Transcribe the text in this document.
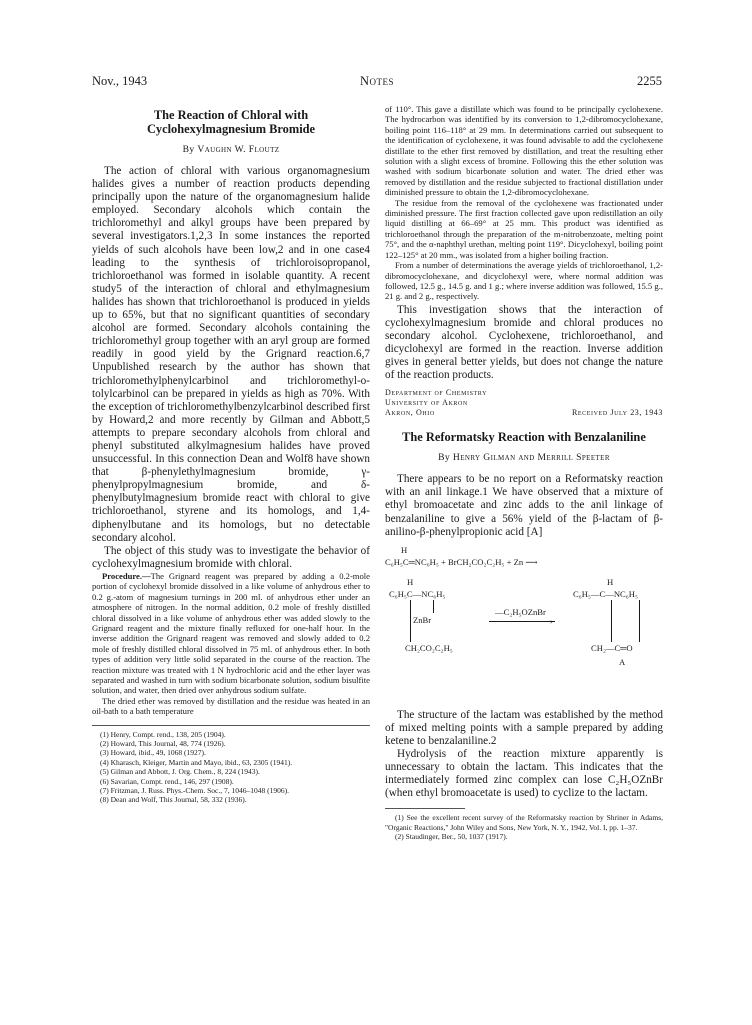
Nov., 1943	Notes	2255
The Reaction of Chloral with
Cyclohexylmagnesium Bromide
By Vaughn W. Floutz

The action of chloral with various organomagnesium halides gives a number of reaction products depending principally upon the nature of the organomagnesium halide employed. Secondary alcohols which contain the trichloromethyl and alkyl groups have been prepared by several investigators.1,2,3 In some instances the reported yields of such alcohols have been low,2 and in one case4 leading to the synthesis of trichloroisopropanol, trichloroethanol was formed in isolable quantity. A recent study5 of the interaction of chloral and ethylmagnesium halides has shown that trichloroethanol is produced in yields up to 65%, but that no significant quantities of secondary alcohol are formed. Secondary alcohols containing the trichloromethyl group together with an aryl group are formed readily in good yield by the Grignard reaction.6,7 Unpublished research by the author has shown that trichloromethylphenylcarbinol and trichloromethyl-o-tolylcarbinol can be prepared in yields as high as 70%. With the exception of trichloromethylbenzylcarbinol described first by Howard,2 and more recently by Gilman and Abbott,5 attempts to prepare secondary alcohols from chloral and phenyl substituted alkylmagnesium halides have proved unsuccessful. In this connection Dean and Wolf8 have shown that β-phenylethylmagnesium bromide, γ-phenylpropylmagnesium bromide, and δ-phenylbutylmagnesium bromide react with chloral to give trichloroethanol, styrene and its homologs, and 1,4-diphenylbutane and its homologs, but no detectable secondary alcohol.

The object of this study was to investigate the behavior of cyclohexylmagnesium bromide with chloral.

Procedure.—The Grignard reagent was prepared by adding a 0.2-mole portion of cyclohexyl bromide dissolved in a like volume of anhydrous ether to 0.2 g.-atom of magnesium turnings in 200 ml. of anhydrous ether under an atmosphere of nitrogen. In the normal addition, 0.2 mole of freshly distilled chloral dissolved in a like volume of anhydrous ether was added slowly to the Grignard reagent and the mixture finally refluxed for one-half hour. In the inverse addition the Grignard reagent was removed and slowly added to 0.2 mole of freshly distilled chloral dissolved in 75 ml. of anhydrous ether. In both types of addition very little solid separated in the course of the reaction. The reaction mixture was treated with 1 N hydrochloric acid and the ether layer was separated and washed in turn with sodium bicarbonate solution, sodium bisulfite solution, and water, then dried over anhydrous sodium sulfate.

The dried ether was removed by distillation and the residue was heated in an oil-bath to a bath temperature

(1) Henry, Compt. rend., 138, 205 (1904).

(2) Howard, This Journal, 48, 774 (1926).

(3) Howard, ibid., 49, 1068 (1927).

(4) Kharasch, Kleiger, Martin and Mayo, ibid., 63, 2305 (1941).

(5) Gilman and Abbott, J. Org. Chem., 8, 224 (1943).

(6) Savarian, Compt. rend., 146, 297 (1908).

(7) Fritzman, J. Russ. Phys.-Chem. Soc., 7, 1046–1048 (1906).

(8) Dean and Wolf, This Journal, 58, 332 (1936).

of 110°. This gave a distillate which was found to be principally cyclohexene. The hydrocarbon was identified by its conversion to 1,2-dibromocyclohexane, boiling point 116–118° at 29 mm. In determinations carried out subsequent to the identification of cyclohexene, it was found advisable to add the cyclohexene distillate to the ether first removed by distillation, and treat the resulting ether solution with a slight excess of bromine. Following this the ether solution was washed with sodium bicarbonate solution and water. The dried ether was removed by distillation and the residue subjected to fractional distillation under diminished pressure to obtain the 1,2-dibromocyclohexane.

The residue from the removal of the cyclohexene was fractionated under diminished pressure. The first fraction collected gave upon redistillation an oily liquid distilling at 66–69° at 25 mm. This product was identified as trichloroethanol through the preparation of the m-nitrobenzoate, melting point 75°, and the α-naphthyl urethan, melting point 119°. Dicyclohexyl, boiling point 122–125° at 20 mm., was isolated from a higher boiling fraction.

From a number of determinations the average yields of trichloroethanol, 1,2-dibromocyclohexane, and dicyclohexyl were, where normal addition was followed, 12.5 g., 14.5 g. and 1 g.; where inverse addition was followed, 15.5 g., 21 g. and 2 g., respectively.

This investigation shows that the interaction of cyclohexylmagnesium bromide and chloral produces no secondary alcohol. Cyclohexene, trichloroethanol, and dicyclohexyl are formed in the reaction. Inverse addition gives in general better yields, but does not change the nature of the reaction products.

Department of Chemistry
University of Akron
Akron, Ohio	Received July 23, 1943
The Reformatsky Reaction with Benzalaniline
By Henry Gilman and Merrill Speeter

There appears to be no report on a Reformatsky reaction with an anil linkage.1 We have observed that a mixture of ethyl bromoacetate and zinc adds to the anil linkage of benzalaniline to give a 56% yield of the β-lactam of β-anilino-β-phenylpropionic acid [A]

H
C₆H₅C═NC₆H₅ + BrCH₂CO₂C₂H₅ + Zn ⟶
H
C₆H₅C—NC₆H₅
ZnBr
CH₂CO₂C₂H₅
—C₂H₅OZnBr
›
H
C₆H₅—C—NC₆H₅
CH₂—C═O
A

The structure of the lactam was established by the method of mixed melting points with a sample prepared by adding ketene to benzalaniline.2

Hydrolysis of the reaction mixture apparently is unnecessary to obtain the lactam. This indicates that the intermediately formed zinc complex can lose C₂H₅OZnBr (when ethyl bromoacetate is used) to cyclize to the lactam.

(1) See the excellent recent survey of the Reformatsky reaction by Shriner in Adams, "Organic Reactions," John Wiley and Sons, New York, N. Y., 1942, Vol. I, pp. 1–37.

(2) Staudinger, Ber., 50, 1037 (1917).
